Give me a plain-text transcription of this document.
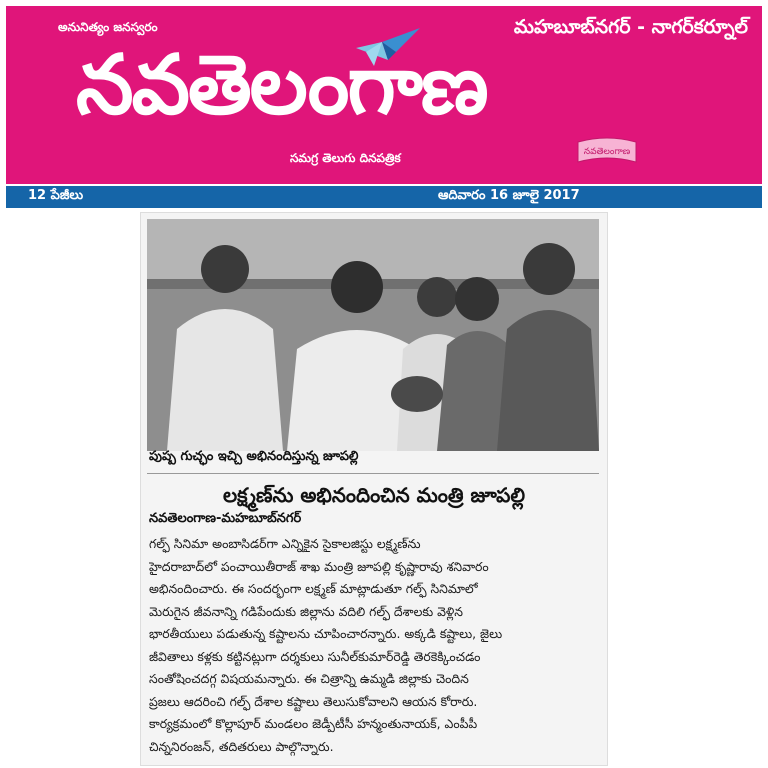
అనునిత్యం జనస్వరం	మహబూబ్‌నగర్ - నాగర్‌కర్నూల్
నవతెలంగాణ
సమగ్ర తెలుగు దినపత్రిక	నవతెలంగాణ
12 పేజీలు	ఆదివారం 16 జూలై 2017
పుష్ప గుచ్ఛం ఇచ్చి అభినందిస్తున్న జూపల్లి
లక్ష్మణ్‌ను అభినందించిన మంత్రి జూపల్లి
నవతెలంగాణ-మహబూబ్‌నగర్
గల్ఫ్ సినిమా అంబాసిడర్‌గా ఎన్నికైన సైకాలజిస్టు లక్ష్మణ్‌ను
హైదరాబాద్‌లో పంచాయితీరాజ్ శాఖ మంత్రి జూపల్లి కృష్ణారావు శనివారం
అభినందించారు. ఈ సందర్భంగా లక్ష్మణ్ మాట్లాడుతూ గల్ఫ్ సినిమాలో
మెరుగైన జీవనాన్ని గడిపేందుకు జిల్లాను వదిలి గల్ఫ్ దేశాలకు వెళ్లిన
భారతీయులు పడుతున్న కష్టాలను చూపించారన్నారు. అక్కడి కష్టాలు, జైలు
జీవితాలు కళ్లకు కట్టినట్లుగా దర్శకులు సునీల్‌కుమార్‌రెడ్డి తెరకెక్కించడం
సంతోషించదగ్గ విషయమన్నారు. ఈ చిత్రాన్ని ఉమ్మడి జిల్లాకు చెందిన
ప్రజలు ఆదరించి గల్ఫ్ దేశాల కష్టాలు తెలుసుకోవాలని ఆయన కోరారు.
కార్యక్రమంలో కొల్లాపూర్ మండలం జెడ్పీటీసీ హన్మంతునాయక్, ఎంపీపీ
చిన్ననిరంజన్, తదితరులు పాల్గొన్నారు.
